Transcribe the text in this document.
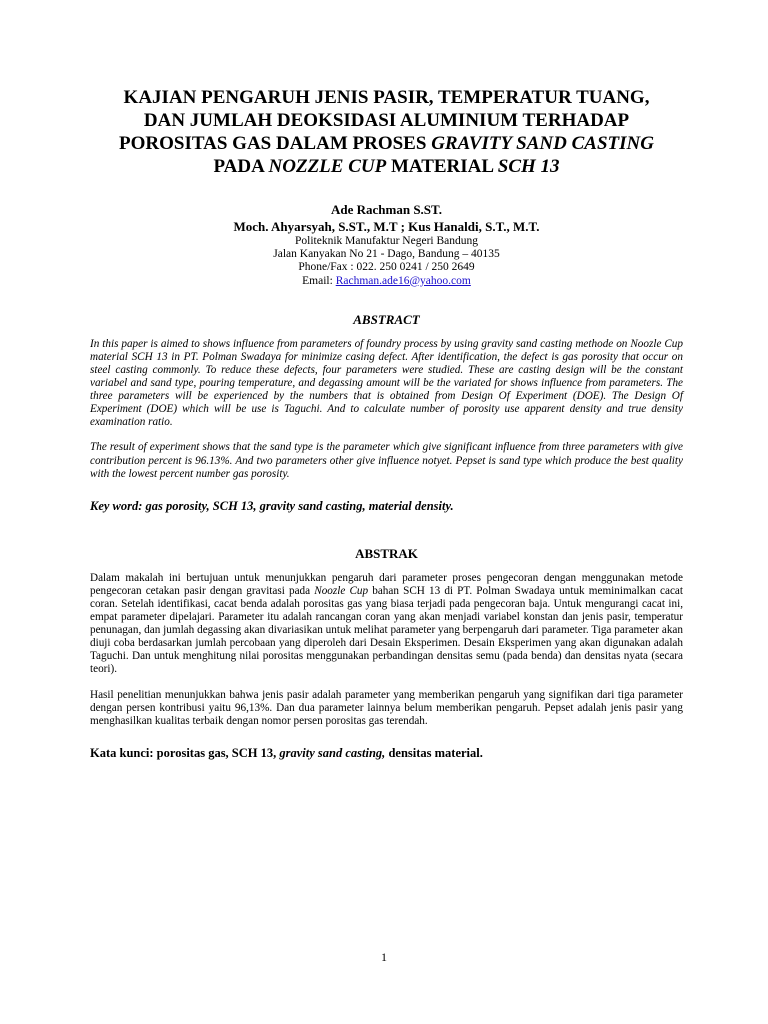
KAJIAN PENGARUH JENIS PASIR, TEMPERATUR TUANG,
DAN JUMLAH DEOKSIDASI ALUMINIUM TERHADAP
POROSITAS GAS DALAM PROSES GRAVITY SAND CASTING
PADA NOZZLE CUP MATERIAL SCH 13
Ade Rachman S.ST.
Moch. Ahyarsyah, S.ST., M.T ; Kus Hanaldi, S.T., M.T.
Politeknik Manufaktur Negeri Bandung
Jalan Kanyakan No 21 - Dago, Bandung – 40135
Phone/Fax : 022. 250 0241 / 250 2649
Email: Rachman.ade16@yahoo.com
ABSTRACT

In this paper is aimed to shows influence from parameters of foundry process by using gravity sand casting methode on Noozle Cup material SCH 13 in PT. Polman Swadaya for minimize casing defect. After identification, the defect is gas porosity that occur on steel casting commonly. To reduce these defects, four parameters were studied. These are casting design will be the constant variabel and sand type, pouring temperature, and degassing amount will be the variated for shows influence from parameters. The three parameters will be experienced by the numbers that is obtained from Design Of Experiment (DOE). The Design Of Experiment (DOE) which will be use is Taguchi. And to calculate number of porosity use apparent density and true density examination ratio.

The result of experiment shows that the sand type is the parameter which give significant influence from three parameters with give contribution percent is 96.13%. And two parameters other give influence notyet. Pepset is sand type which produce the best quality with the lowest percent number gas porosity.

Key word: gas porosity, SCH 13, gravity sand casting, material density.
ABSTRAK

Dalam makalah ini bertujuan untuk menunjukkan pengaruh dari parameter proses pengecoran dengan menggunakan metode pengecoran cetakan pasir dengan gravitasi pada Noozle Cup bahan SCH 13 di PT. Polman Swadaya untuk meminimalkan cacat coran. Setelah identifikasi, cacat benda adalah porositas gas yang biasa terjadi pada pengecoran baja. Untuk mengurangi cacat ini, empat parameter dipelajari. Parameter itu adalah rancangan coran yang akan menjadi variabel konstan dan jenis pasir, temperatur penunagan, dan jumlah degassing akan divariasikan untuk melihat parameter yang berpengaruh dari parameter. Tiga parameter akan diuji coba berdasarkan jumlah percobaan yang diperoleh dari Desain Eksperimen. Desain Eksperimen yang akan digunakan adalah Taguchi. Dan untuk menghitung nilai porositas menggunakan perbandingan densitas semu (pada benda) dan densitas nyata (secara teori).

Hasil penelitian menunjukkan bahwa jenis pasir adalah parameter yang memberikan pengaruh yang signifikan dari tiga parameter dengan persen kontribusi yaitu 96,13%. Dan dua parameter lainnya belum memberikan pengaruh. Pepset adalah jenis pasir yang menghasilkan kualitas terbaik dengan nomor persen porositas gas terendah.

Kata kunci: porositas gas, SCH 13, gravity sand casting, densitas material.
1
